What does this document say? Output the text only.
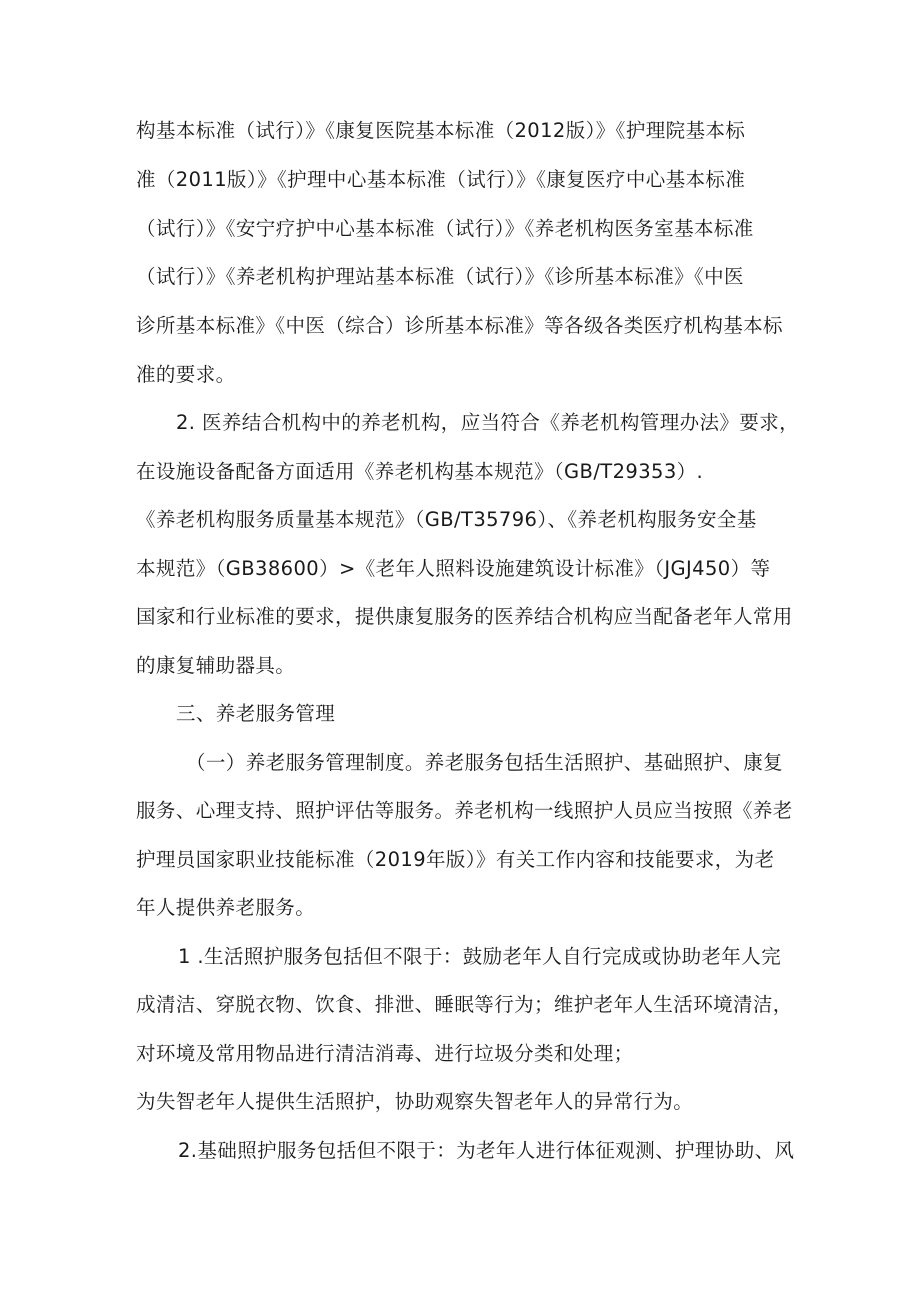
构基本标准（试行）》《康复医院基本标准（2012版）》《护理院基本标
准（2011版）》《护理中心基本标准（试行）》《康复医疗中心基本标准
（试行）》《安宁疗护中心基本标准（试行）》《养老机构医务室基本标准
（试行）》《养老机构护理站基本标准（试行）》《诊所基本标准》《中医
诊所基本标准》《中医（综合）诊所基本标准》等各级各类医疗机构基本标
准的要求。
2. 医养结合机构中的养老机构，应当符合《养老机构管理办法》要求，
在设施设备配备方面适用《养老机构基本规范》（GB/T29353）.
《养老机构服务质量基本规范》（GB/T35796）、《养老机构服务安全基
本规范》（GB38600）>《老年人照料设施建筑设计标准》（JGJ450）等
国家和行业标准的要求，提供康复服务的医养结合机构应当配备老年人常用
的康复辅助器具。
三、养老服务管理
（一）养老服务管理制度。养老服务包括生活照护、基础照护、康复
服务、心理支持、照护评估等服务。养老机构一线照护人员应当按照《养老
护理员国家职业技能标准（2019年版）》有关工作内容和技能要求，为老
年人提供养老服务。
1 .生活照护服务包括但不限于：鼓励老年人自行完成或协助老年人完
成清洁、穿脱衣物、饮食、排泄、睡眠等行为；维护老年人生活环境清洁，
对环境及常用物品进行清洁消毒、进行垃圾分类和处理；
为失智老年人提供生活照护，协助观察失智老年人的异常行为。
2.基础照护服务包括但不限于：为老年人进行体征观测、护理协助、风
